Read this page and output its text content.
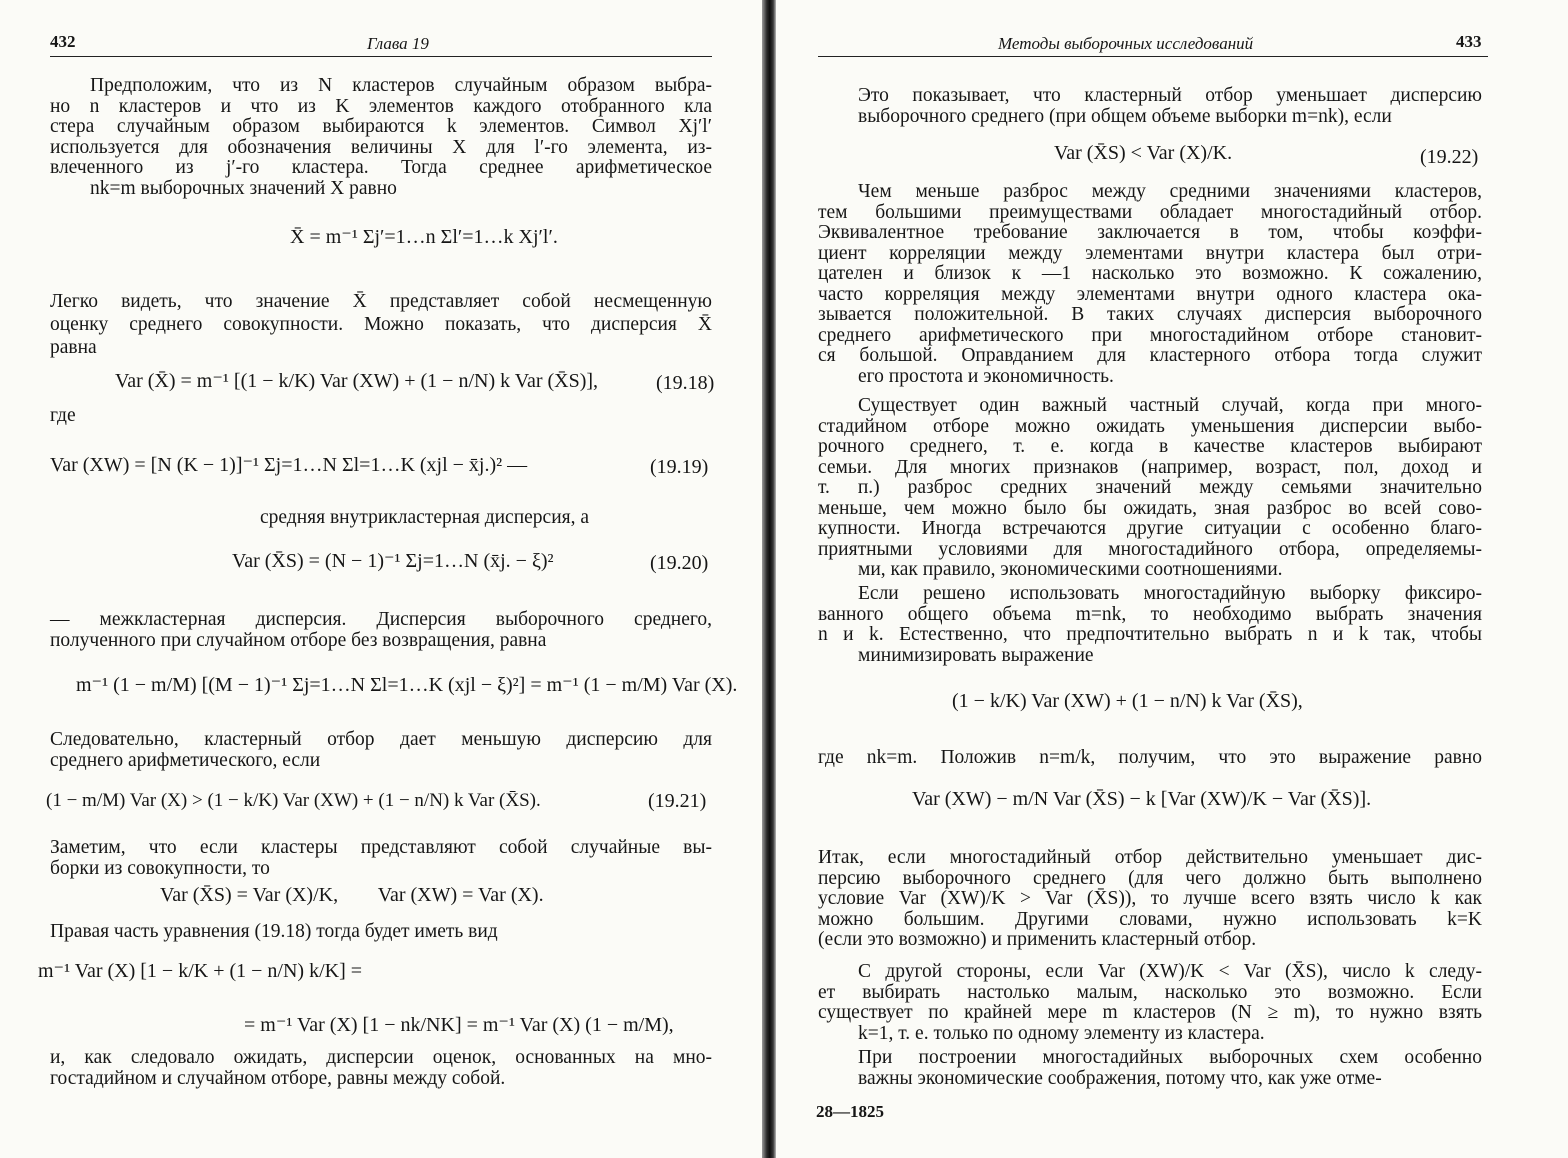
432	Глава 19

Предположим, что из N кластеров случайным образом выбра-
но n кластеров и что из K элементов каждого отобранного кла
стера случайным образом выбираются k элементов. Символ Xj′l′
используется для обозначения величины X для l′-го элемента, из-
влеченного из j′-го кластера. Тогда среднее арифметическое
nk=m выборочных значений X равно

X̄ = m⁻¹ Σj′=1…n Σl′=1…k Xj′l′.

Легко видеть, что значение X̄ представляет собой несмещенную
оценку среднего совокупности. Можно показать, что дисперсия X̄
равна

Var (X̄) = m⁻¹ [(1 − k/K) Var (XW) + (1 − n/N) k Var (X̄S)],	(19.18)
где
Var (XW) = [N (K − 1)]⁻¹ Σj=1…N Σl=1…K (xjl − x̄j.)² —	(19.19)
средняя внутрикластерная дисперсия, а
Var (X̄S) = (N − 1)⁻¹ Σj=1…N (x̄j. − ξ)²	(19.20)

— межкластерная дисперсия. Дисперсия выборочного среднего,
полученного при случайном отборе без возвращения, равна

m⁻¹ (1 − m/M) [(M − 1)⁻¹ Σj=1…N Σl=1…K (xjl − ξ)²] = m⁻¹ (1 − m/M) Var (X).

Следовательно, кластерный отбор дает меньшую дисперсию для
среднего арифметического, если

(1 − m/M) Var (X) > (1 − k/K) Var (XW) + (1 − n/N) k Var (X̄S).	(19.21)

Заметим, что если кластеры представляют собой случайные вы-
борки из совокупности, то

Var (X̄S) = Var (X)/K,        Var (XW) = Var (X).
Правая часть уравнения (19.18) тогда будет иметь вид
m⁻¹ Var (X) [1 − k/K + (1 − n/N) k/K] =
= m⁻¹ Var (X) [1 − nk/NK] = m⁻¹ Var (X) (1 − m/M),

и, как следовало ожидать, дисперсии оценок, основанных на мно-
гостадийном и случайном отборе, равны между собой.

Методы выборочных исследований	433

Это показывает, что кластерный отбор уменьшает дисперсию
выборочного среднего (при общем объеме выборки m=nk), если

Var (X̄S) < Var (X)/K.	(19.22)

Чем меньше разброс между средними значениями кластеров,
тем большими преимуществами обладает многостадийный отбор.
Эквивалентное требование заключается в том, чтобы коэффи-
циент корреляции между элементами внутри кластера был отри-
цателен и близок к —1 насколько это возможно. К сожалению,
часто корреляция между элементами внутри одного кластера ока-
зывается положительной. В таких случаях дисперсия выборочного
среднего арифметического при многостадийном отборе становит-
ся большой. Оправданием для кластерного отбора тогда служит
его простота и экономичность.

Существует один важный частный случай, когда при много-
стадийном отборе можно ожидать уменьшения дисперсии выбо-
рочного среднего, т. е. когда в качестве кластеров выбирают
семьи. Для многих признаков (например, возраст, пол, доход и
т. п.) разброс средних значений между семьями значительно
меньше, чем можно было бы ожидать, зная разброс во всей сово-
купности. Иногда встречаются другие ситуации с особенно благо-
приятными условиями для многостадийного отбора, определяемы-
ми, как правило, экономическими соотношениями.

Если решено использовать многостадийную выборку фиксиро-
ванного общего объема m=nk, то необходимо выбрать значения
n и k. Естественно, что предпочтительно выбрать n и k так, чтобы
минимизировать выражение

(1 − k/K) Var (XW) + (1 − n/N) k Var (X̄S),
где nk=m. Положив n=m/k, получим, что это выражение равно
Var (XW) − m/N Var (X̄S) − k [Var (XW)/K − Var (X̄S)].

Итак, если многостадийный отбор действительно уменьшает дис-
персию выборочного среднего (для чего должно быть выполнено
условие Var (XW)/K > Var (X̄S)), то лучше всего взять число k как
можно большим. Другими словами, нужно использовать k=K
(если это возможно) и применить кластерный отбор.

С другой стороны, если Var (XW)/K < Var (X̄S), число k следу-
ет выбирать настолько малым, насколько это возможно. Если
существует по крайней мере m кластеров (N ≥ m), то нужно взять
k=1, т. е. только по одному элементу из кластера.

При построении многостадийных выборочных схем особенно
важны экономические соображения, потому что, как уже отме-

28—1825
